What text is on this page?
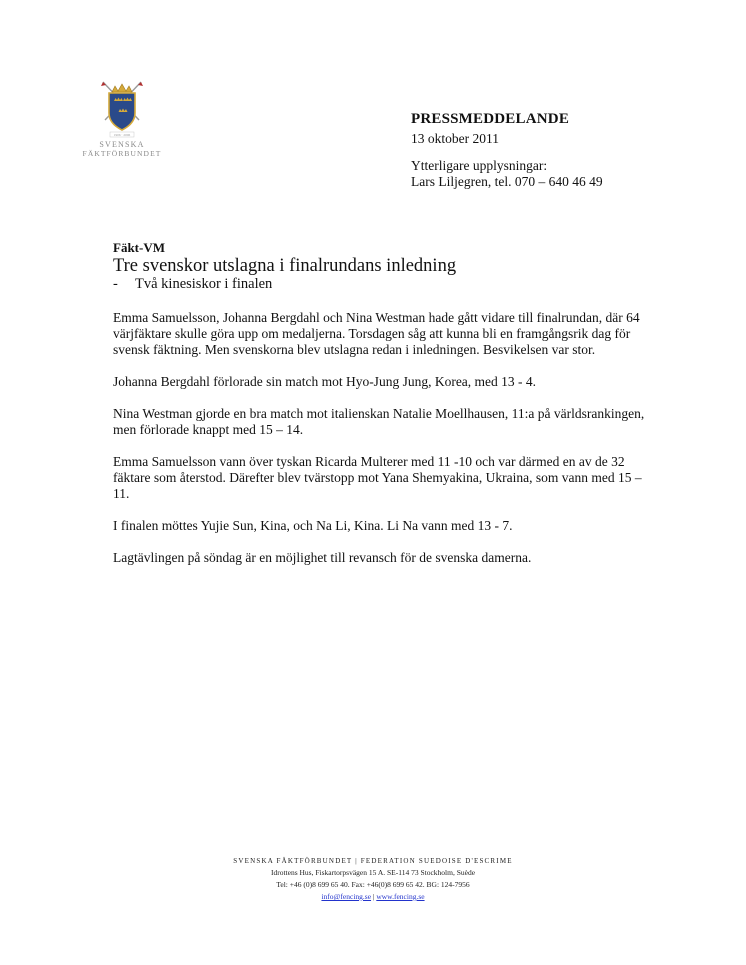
1906 · 2006
SVENSKA
FÄKTFÖRBUNDET
PRESSMEDDELANDE
13 oktober 2011
Ytterligare upplysningar:
Lars Liljegren, tel. 070 – 640 46 49
Fäkt-VM
Tre svenskor utslagna i finalrundans inledning
- Två kinesiskor i finalen

Emma Samuelsson, Johanna Bergdahl och Nina Westman hade gått vidare till finalrundan, där 64 värjfäktare skulle göra upp om medaljerna. Torsdagen såg att kunna bli en framgångsrik dag för svensk fäktning. Men svenskorna blev utslagna redan i inledningen. Besvikelsen var stor.

Johanna Bergdahl förlorade sin match mot Hyo-Jung Jung, Korea, med 13 - 4.

Nina Westman gjorde en bra match mot italienskan Natalie Moellhausen, 11:a på världsrankingen, men förlorade knappt med 15 – 14.

Emma Samuelsson vann över tyskan Ricarda Multerer med 11 -10 och var därmed en av de 32 fäktare som återstod. Därefter blev tvärstopp mot Yana Shemyakina, Ukraina, som vann med 15 – 11.

I finalen möttes Yujie Sun, Kina, och Na Li, Kina. Li Na vann med 13 - 7.

Lagtävlingen på söndag är en möjlighet till revansch för de svenska damerna.

SVENSKA FÄKTFÖRBUNDET | FEDERATION SUEDOISE D'ESCRIME
Idrottens Hus, Fiskartorpsvägen 15 A. SE-114 73 Stockholm, Suède
Tel: +46 (0)8 699 65 40. Fax: +46(0)8 699 65 42. BG: 124-7956
info@fencing.se | www.fencing.se
